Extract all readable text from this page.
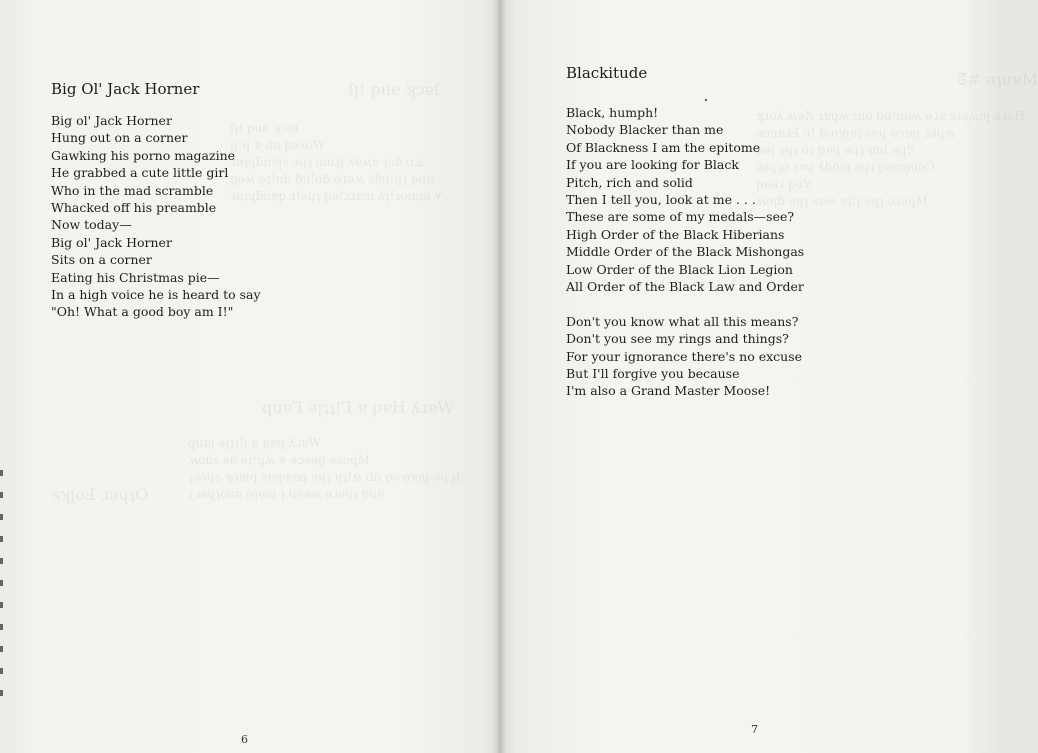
ſꞁ! pue ʞɔɐſ
ſꞁ! pue ʞɔɐſ
ꞁꞁ!ɥ ɐ dn pǝʌoW
ɹǝʇɥƃnɐꞁs ǝɥʇ ɯoɹɟ ʎɐʍɐ ʇǝƃ o⊥
ꞁꞁǝʍ ǝʇ!nb ƃu!oƃ ǝɹǝʍ sƃu!ɥʇ puɐ
ɹǝʇɥƃnɐp ɹ!ǝɥʇ pǝ!ɹɹɐɯ ʎʇ!ɹouᴉɯ ∀
quɐꞀ ǝꞁʇʇ!Ꞁ ɐ pɐH ʎɹɐW
quɐꞁ ǝꞁʇʇ!ꞁ ɐ pɐɥ ʎɹɐW
ʍous sɐ ǝʇ!ɥʍ ɐ ǝɔǝǝꞁɟ ǝsoɥM
ʇǝǝɥs ʞɔɐꞁq sɐq-sɐq ǝɥʇ ɥʇ!ʍ dn pǝʞooɥ ǝɥ ɟI
¿ɹǝɥʇouɐ ǝʇɐɯ ʇ,uɐǝʍ ǝɹǝɥʇ puɐ
sʞꞁoℲ ɹǝɥʇO
Big Ol' Jack Horner
Big ol' Jack Horner
Hung out on a corner
Gawking his porno magazine
He grabbed a cute little girl
Who in the mad scramble
Whacked off his preamble
Now today—
Big ol' Jack Horner
Sits on a corner
Eating his Christmas pie—
In a high voice he is heard to say
"Oh! What a good boy am I!"
6
ᘔ# ǝʇuɐM
ʞɹoʎ ʍǝN ʇɐɥʍ ʇno ɓu!uoʍ ǝɹɐ sɹǝʍoꞁ ǝɹǝH
ǝɔuɐɹℲ u! ɓuᴉʞꞁɐʇ sɐɥ ɐɔʇɐꞁ ɹǝɥʍ
pǝꞁ ǝɥʇ oʇ pɐɥ ǝɥʇ ʇnd ǝɥS
ɹǝɥʇo sɐɥ ʎɓɓoɟ ǝɥʇ pǝsnɟuoƆ
pɐǝɹ puⱯ
ʍoꞁƃ ǝɥʇ sɐʍ ǝʇ!ꞁ ǝɥʇ ǝɹǝɥM
Blackitude
Black, humph!
Nobody Blacker than me
Of Blackness I am the epitome
If you are looking for Black
Pitch, rich and solid
Then I tell you, look at me . . .
These are some of my medals—see?
High Order of the Black Hiberians
Middle Order of the Black Mishongas
Low Order of the Black Lion Legion
All Order of the Black Law and Order
Don't you know what all this means?
Don't you see my rings and things?
For your ignorance there's no excuse
But I'll forgive you because
I'm also a Grand Master Moose!
7
